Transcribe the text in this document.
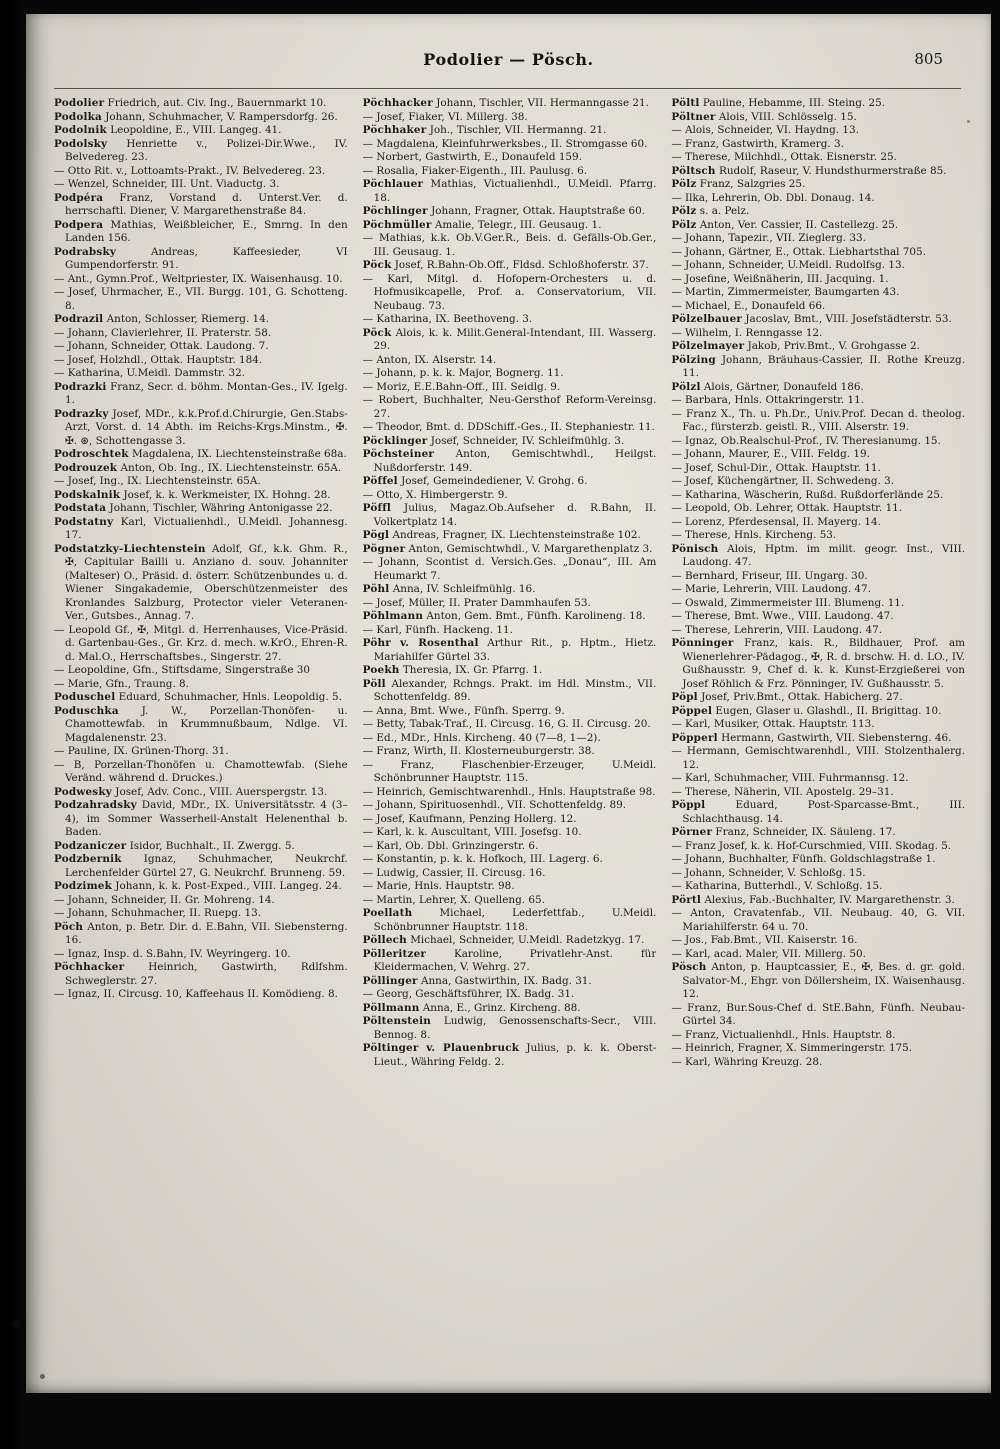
Podolier — Pösch.	805

Podolier Friedrich, aut. Civ. Ing., Bauernmarkt 10.

Podolka Johann, Schuhmacher, V. Rampersdorfg. 26.

Podolnik Leopoldine, E., VIII. Langeg. 41.

Podolsky Henriette v., Polizei-Dir.Wwe., IV. Belvedereg. 23.

— Otto Rit. v., Lottoamts-Prakt., IV. Belvedereg. 23.

— Wenzel, Schneider, III. Unt. Viaductg. 3.

Podpéra Franz, Vorstand d. Unterst.Ver. d. herrschaftl. Diener, V. Margarethenstraße 84.

Podpera Mathias, Weißbleicher, E., Smrng. In den Landen 156.

Podrabsky Andreas, Kaffeesieder, VI Gumpendorferstr. 91.

— Ant., Gymn.Prof., Weltpriester, IX. Waisenhausg. 10.

— Josef, Uhrmacher, E., VII. Burgg. 101, G. Schotteng. 8.

Podrazil Anton, Schlosser, Riemerg. 14.

— Johann, Clavierlehrer, II. Praterstr. 58.

— Johann, Schneider, Ottak. Laudong. 7.

— Josef, Holzhdl., Ottak. Hauptstr. 184.

— Katharina, U.Meidl. Dammstr. 32.

Podrazki Franz, Secr. d. böhm. Montan-Ges., IV. Igelg. 1.

Podrazky Josef, MDr., k.k.Prof.d.Chirurgie, Gen.Stabs-Arzt, Vorst. d. 14 Abth. im Reichs-Krgs.Minstm., ✠. ✠. ⊛, Schottengasse 3.

Podroschtek Magdalena, IX. Liechtensteinstraße 68a.

Podrouzek Anton, Ob. Ing., IX. Liechtensteinstr. 65A.

— Josef, Ing., IX. Liechtensteinstr. 65A.

Podskalnik Josef, k. k. Werkmeister, IX. Hohng. 28.

Podstata Johann, Tischler, Währing Antonigasse 22.

Podstatny Karl, Victualienhdl., U.Meidl. Johannesg. 17.

Podstatzky-Liechtenstein Adolf, Gf., k.k. Ghm. R., ✠, Capitular Bailli u. Anziano d. souv. Johanniter (Malteser) O., Präsid. d. österr. Schützenbundes u. d. Wiener Singakademie, Oberschützenmeister des Kronlandes Salzburg, Protector vieler Veteranen-Ver., Gutsbes., Annag. 7.

— Leopold Gf., ✠, Mitgl. d. Herrenhauses, Vice-Präsid. d. Gartenbau-Ges., Gr. Krz. d. mech. w.KrO., Ehren-R. d. Mal.O., Herrschaftsbes., Singerstr. 27.

— Leopoldine, Gfn., Stiftsdame, Singerstraße 30

— Marie, Gfn., Traung. 8.

Poduschel Eduard, Schuhmacher, Hnls. Leopoldig. 5.

Poduschka J. W., Porzellan-Thonöfen- u. Chamottewfab. in Krummnußbaum, Ndlge. VI. Magdalenenstr. 23.

— Pauline, IX. Grünen-Thorg. 31.

— B, Porzellan-Thonöfen u. Chamottewfab. (Siehe Veränd. während d. Druckes.)

Podwesky Josef, Adv. Conc., VIII. Auerspergstr. 13.

Podzahradsky David, MDr., IX. Universitätsstr. 4 (3–4), im Sommer Wasserheil-Anstalt Helenenthal b. Baden.

Podzaniczer Isidor, Buchhalt., II. Zwergg. 5.

Podzbernik Ignaz, Schuhmacher, Neukrchf. Lerchenfelder Gürtel 27, G. Neukrchf. Brunneng. 59.

Podzimek Johann, k. k. Post-Exped., VIII. Langeg. 24.

— Johann, Schneider, II. Gr. Mohreng. 14.

— Johann, Schuhmacher, II. Ruepg. 13.

Pöch Anton, p. Betr. Dir. d. E.Bahn, VII. Siebensterng. 16.

— Ignaz, Insp. d. S.Bahn, IV. Weyringerg. 10.

Pöchhacker Heinrich, Gastwirth, Rdlfshm. Schweglerstr. 27.

— Ignaz, II. Circusg. 10, Kaffeehaus II. Komödieng. 8.

Pöchhacker Johann, Tischler, VII. Hermanngasse 21.

— Josef, Fiaker, VI. Millerg. 38.

Pöchhaker Joh., Tischler, VII. Hermanng. 21.

— Magdalena, Kleinfuhrwerksbes., II. Stromgasse 60.

— Norbert, Gastwirth, E., Donaufeld 159.

— Rosalia, Fiaker-Eigenth., III. Paulusg. 6.

Pöchlauer Mathias, Victualienhdl., U.Meidl. Pfarrg. 18.

Pöchlinger Johann, Fragner, Ottak. Hauptstraße 60.

Pöchmüller Amalie, Telegr., III. Geusaug. 1.

— Mathias, k.k. Ob.V.Ger.R., Beis. d. Gefälls-Ob.Ger., III. Geusaug. 1.

Pöck Josef, R.Bahn-Ob.Off., Fldsd. Schloßhoferstr. 37.

— Karl, Mitgl. d. Hofopern-Orchesters u. d. Hofmusikcapelle, Prof. a. Conservatorium, VII. Neubaug. 73.

— Katharina, IX. Beethoveng. 3.

Pöck Alois, k. k. Milit.General-Intendant, III. Wasserg. 29.

— Anton, IX. Alserstr. 14.

— Johann, p. k. k. Major, Bognerg. 11.

— Moriz, E.E.Bahn-Off., III. Seidlg. 9.

— Robert, Buchhalter, Neu-Gersthof Reform-Vereinsg. 27.

— Theodor, Bmt. d. DDSchiff.-Ges., II. Stephaniestr. 11.

Pöcklinger Josef, Schneider, IV. Schleifmühlg. 3.

Pöchsteiner Anton, Gemischtwhdl., Heilgst. Nußdorferstr. 149.

Pöffel Josef, Gemeindediener, V. Grohg. 6.

— Otto, X. Himbergerstr. 9.

Pöffl Julius, Magaz.Ob.Aufseher d. R.Bahn, II. Volkertplatz 14.

Pögl Andreas, Fragner, IX. Liechtensteinstraße 102.

Pögner Anton, Gemischtwhdl., V. Margarethenplatz 3.

— Johann, Scontist d. Versich.Ges. „Donau“, III. Am Heumarkt 7.

Pöhl Anna, IV. Schleifmühlg. 16.

— Josef, Müller, II. Prater Dammhaufen 53.

Pöhlmann Anton, Gem. Bmt., Fünfh. Karolineng. 18.

— Karl, Fünfh. Hackeng. 11.

Pöhr v. Rosenthal Arthur Rit., p. Hptm., Hietz. Mariahilfer Gürtel 33.

Poekh Theresia, IX. Gr. Pfarrg. 1.

Pöll Alexander, Rchngs. Prakt. im Hdl. Minstm., VII. Schottenfeldg. 89.

— Anna, Bmt. Wwe., Fünfh. Sperrg. 9.

— Betty, Tabak-Traf., II. Circusg. 16, G. II. Circusg. 20.

— Ed., MDr., Hnls. Kircheng. 40 (7—8, 1—2).

— Franz, Wirth, II. Klosterneuburgerstr. 38.

— Franz, Flaschenbier-Erzeuger, U.Meidl. Schönbrunner Hauptstr. 115.

— Heinrich, Gemischtwarenhdl., Hnls. Hauptstraße 98.

— Johann, Spirituosenhdl., VII. Schottenfeldg. 89.

— Josef, Kaufmann, Penzing Hollerg. 12.

— Karl, k. k. Auscultant, VIII. Josefsg. 10.

— Karl, Ob. Dbl. Grinzingerstr. 6.

— Konstantin, p. k. k. Hofkoch, III. Lagerg. 6.

— Ludwig, Cassier, II. Circusg. 16.

— Marie, Hnls. Hauptstr. 98.

— Martin, Lehrer, X. Quelleng. 65.

Poellath Michael, Lederfettfab., U.Meidl. Schönbrunner Hauptstr. 118.

Pöllech Michael, Schneider, U.Meidl. Radetzkyg. 17.

Pölleritzer Karoline, Privatlehr-Anst. für Kleidermachen, V. Wehrg. 27.

Pöllinger Anna, Gastwirthin, IX. Badg. 31.

— Georg, Geschäftsführer, IX. Badg. 31.

Pöllmann Anna, E., Grinz. Kircheng. 88.

Pöltenstein Ludwig, Genossenschafts-Secr., VIII. Bennog. 8.

Pöltinger v. Plauenbruck Julius, p. k. k. Oberst-Lieut., Währing Feldg. 2.

Pöltl Pauline, Hebamme, III. Steing. 25.

Pöltner Alois, VIII. Schlösselg. 15.

— Alois, Schneider, VI. Haydng. 13.

— Franz, Gastwirth, Kramerg. 3.

— Therese, Milchhdl., Ottak. Eisnerstr. 25.

Pöltsch Rudolf, Raseur, V. Hundsthurmerstraße 85.

Pölz Franz, Salzgries 25.

— Ilka, Lehrerin, Ob. Dbl. Donaug. 14.

Pölz s. a. Pelz.

Pölz Anton, Ver. Cassier, II. Castellezg. 25.

— Johann, Tapezir., VII. Zieglerg. 33.

— Johann, Gärtner, E., Ottak. Liebhartsthal 705.

— Johann, Schneider, U.Meidl. Rudolfsg. 13.

— Josefine, Weißnäherin, III. Jacquing. 1.

— Martin, Zimmermeister, Baumgarten 43.

— Michael, E., Donaufeld 66.

Pölzelbauer Jacoslav, Bmt., VIII. Josefstädterstr. 53.

— Wilhelm, I. Renngasse 12.

Pölzelmayer Jakob, Priv.Bmt., V. Grohgasse 2.

Pölzing Johann, Bräuhaus-Cassier, II. Rothe Kreuzg. 11.

Pölzl Alois, Gärtner, Donaufeld 186.

— Barbara, Hnls. Ottakringerstr. 11.

— Franz X., Th. u. Ph.Dr., Univ.Prof. Decan d. theolog. Fac., fürsterzb. geistl. R., VIII. Alserstr. 19.

— Ignaz, Ob.Realschul-Prof., IV. Theresianumg. 15.

— Johann, Maurer, E., VIII. Feldg. 19.

— Josef, Schul-Dir., Ottak. Hauptstr. 11.

— Josef, Küchengärtner, II. Schwedeng. 3.

— Katharina, Wäscherin, Rußd. Rußdorferlände 25.

— Leopold, Ob. Lehrer, Ottak. Hauptstr. 11.

— Lorenz, Pferdesensal, II. Mayerg. 14.

— Therese, Hnls. Kircheng. 53.

Pönisch Alois, Hptm. im milit. geogr. Inst., VIII. Laudong. 47.

— Bernhard, Friseur, III. Ungarg. 30.

— Marie, Lehrerin, VIII. Laudong. 47.

— Oswald, Zimmermeister III. Blumeng. 11.

— Therese, Bmt. Wwe., VIII. Laudong. 47.

— Therese, Lehrerin, VIII. Laudong. 47.

Pönninger Franz, kais. R., Bildhauer, Prof. am Wienerlehrer-Pädagog., ✠, R. d. brschw. H. d. LO., IV. Gußhausstr. 9, Chef d. k. k. Kunst-Erzgießerei von Josef Röhlich & Frz. Pönninger, IV. Gußhausstr. 5.

Pöpl Josef, Priv.Bmt., Ottak. Habicherg. 27.

Pöppel Eugen, Glaser u. Glashdl., II. Brigittag. 10.

— Karl, Musiker, Ottak. Hauptstr. 113.

Pöpperl Hermann, Gastwirth, VII. Siebensterng. 46.

— Hermann, Gemischtwarenhdl., VIII. Stolzenthalerg. 12.

— Karl, Schuhmacher, VIII. Fuhrmannsg. 12.

— Therese, Näherin, VII. Apostelg. 29–31.

Pöppl Eduard, Post-Sparcasse-Bmt., III. Schlachthausg. 14.

Pörner Franz, Schneider, IX. Säuleng. 17.

— Franz Josef, k. k. Hof-Curschmied, VIII. Skodag. 5.

— Johann, Buchhalter, Fünfh. Goldschlagstraße 1.

— Johann, Schneider, V. Schloßg. 15.

— Katharina, Butterhdl., V. Schloßg. 15.

Pörtl Alexius, Fab.-Buchhalter, IV. Margarethenstr. 3.

— Anton, Cravatenfab., VII. Neubaug. 40, G. VII. Mariahilferstr. 64 u. 70.

— Jos., Fab.Bmt., VII. Kaiserstr. 16.

— Karl, acad. Maler, VII. Millerg. 50.

Pösch Anton, p. Hauptcassier, E., ✠, Bes. d. gr. gold. Salvator-M., Ehgr. von Döllersheim, IX. Waisenhausg. 12.

— Franz, Bur.Sous-Chef d. StE.Bahn, Fünfh. Neubau-Gürtel 34.

— Franz, Victualienhdl., Hnls. Hauptstr. 8.

— Heinrich, Fragner, X. Simmeringerstr. 175.

— Karl, Währing Kreuzg. 28.
